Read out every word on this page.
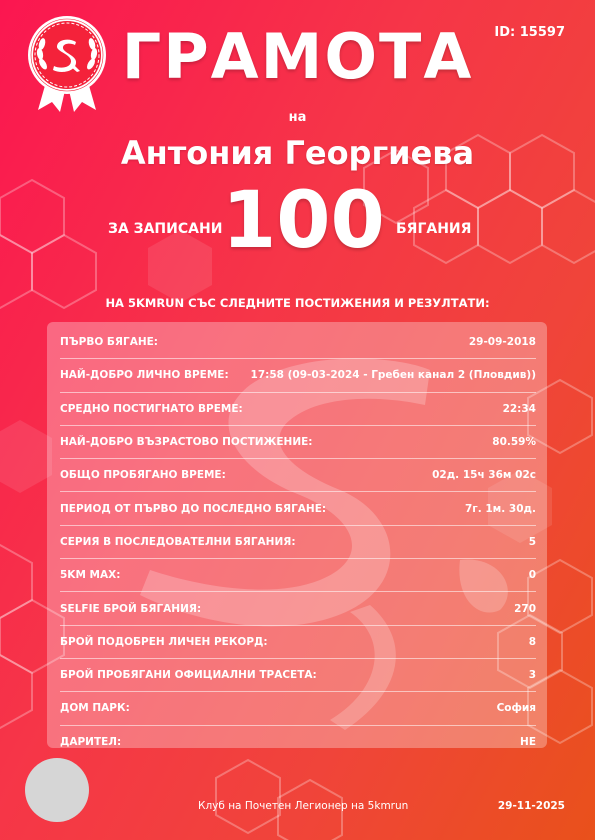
ID: 15597
ГРАМОТА
на
Антония Георгиева
ЗА ЗАПИСАНИ 100 БЯГАНИЯ
НА 5KMRUN СЪС СЛЕДНИТЕ ПОСТИЖЕНИЯ И РЕЗУЛТАТИ:
ПЪРВО БЯГАНЕ:	29-09-2018
НАЙ-ДОБРО ЛИЧНО ВРЕМЕ: 17:58 (09-03-2024 - Гребен канал 2 (Пловдив))
СРЕДНО ПОСТИГНАТО ВРЕМЕ:	22:34
НАЙ-ДОБРО ВЪЗРАСТОВО ПОСТИЖЕНИЕ:	80.59%
ОБЩО ПРОБЯГАНО ВРЕМЕ:	02д. 15ч 36м 02с
ПЕРИОД ОТ ПЪРВО ДО ПОСЛЕДНО БЯГАНЕ:	7г. 1м. 30д.
СЕРИЯ В ПОСЛЕДОВАТЕЛНИ БЯГАНИЯ:	5
5KM MAX:	0
SELFIE БРОЙ БЯГАНИЯ:	270
БРОЙ ПОДОБРЕН ЛИЧЕН РЕКОРД:	8
БРОЙ ПРОБЯГАНИ ОФИЦИАЛНИ ТРАСЕТА:	3
ДОМ ПАРК:	София
ДАРИТЕЛ:	НЕ
Клуб на Почетен Легионер на 5kmrun	29-11-2025
